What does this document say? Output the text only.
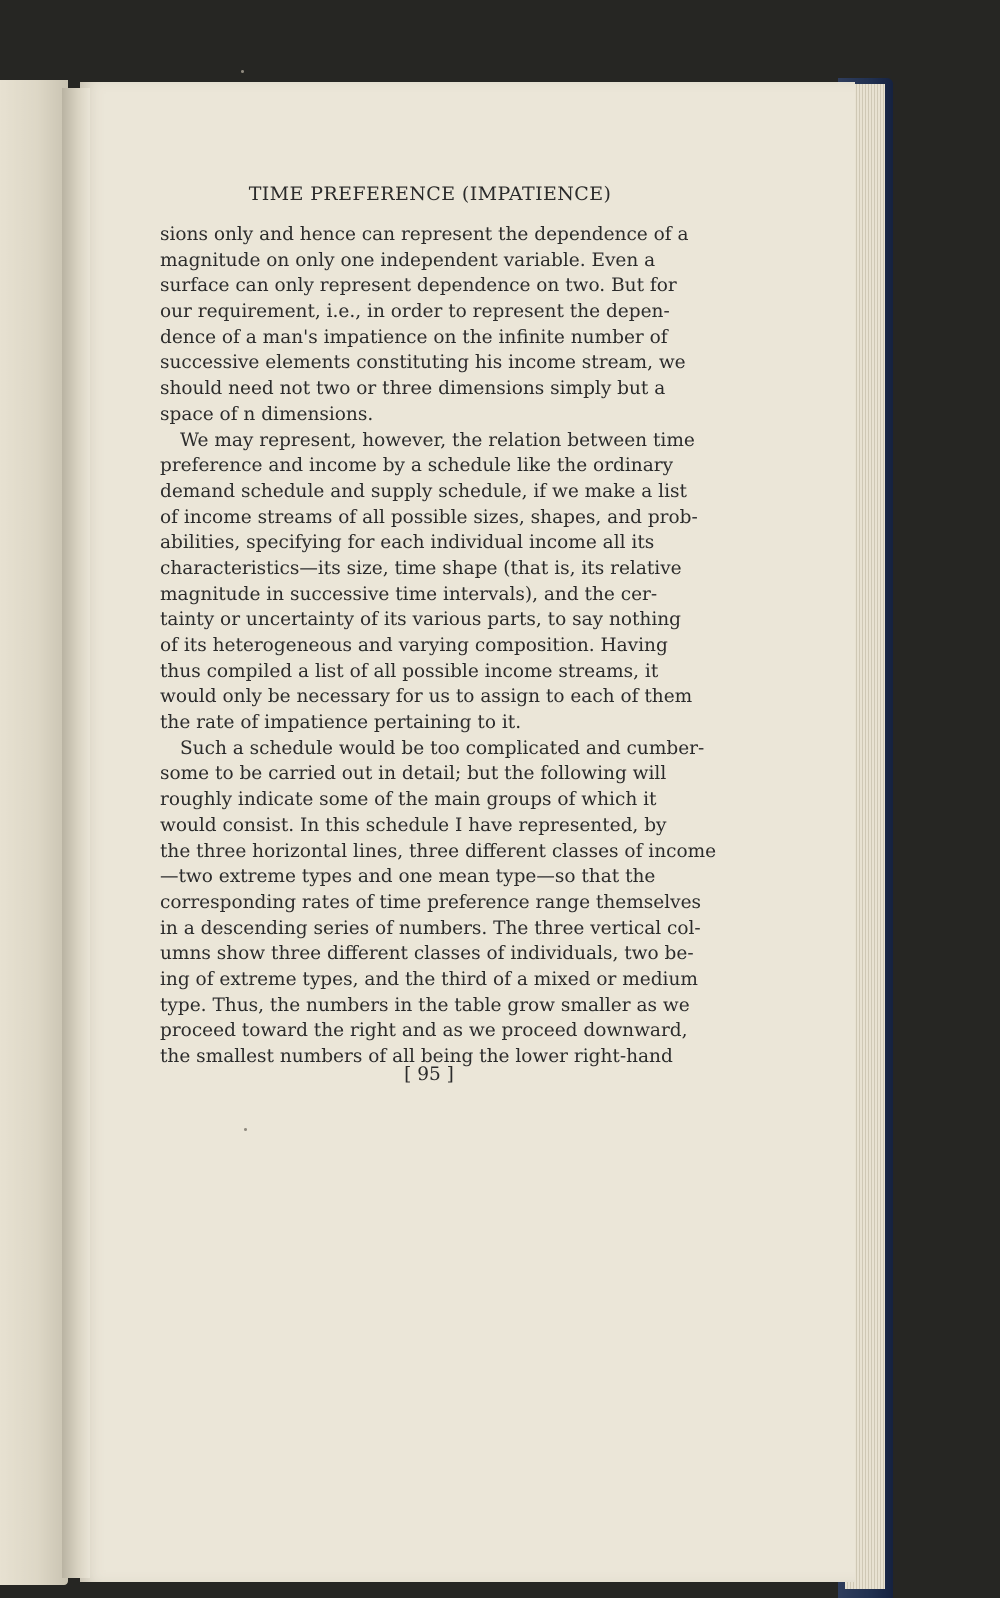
TIME PREFERENCE (IMPATIENCE)
sions only and hence can represent the dependence of a
magnitude on only one independent variable. Even a
surface can only represent dependence on two. But for
our requirement, i.e., in order to represent the depen-
dence of a man's impatience on the infinite number of
successive elements constituting his income stream, we
should need not two or three dimensions simply but a
space of n dimensions.
We may represent, however, the relation between time
preference and income by a schedule like the ordinary
demand schedule and supply schedule, if we make a list
of income streams of all possible sizes, shapes, and prob-
abilities, specifying for each individual income all its
characteristics—its size, time shape (that is, its relative
magnitude in successive time intervals), and the cer-
tainty or uncertainty of its various parts, to say nothing
of its heterogeneous and varying composition. Having
thus compiled a list of all possible income streams, it
would only be necessary for us to assign to each of them
the rate of impatience pertaining to it.
Such a schedule would be too complicated and cumber-
some to be carried out in detail; but the following will
roughly indicate some of the main groups of which it
would consist. In this schedule I have represented, by
the three horizontal lines, three different classes of income
—two extreme types and one mean type—so that the
corresponding rates of time preference range themselves
in a descending series of numbers. The three vertical col-
umns show three different classes of individuals, two be-
ing of extreme types, and the third of a mixed or medium
type. Thus, the numbers in the table grow smaller as we
proceed toward the right and as we proceed downward,
the smallest numbers of all being the lower right-hand
[ 95 ]
